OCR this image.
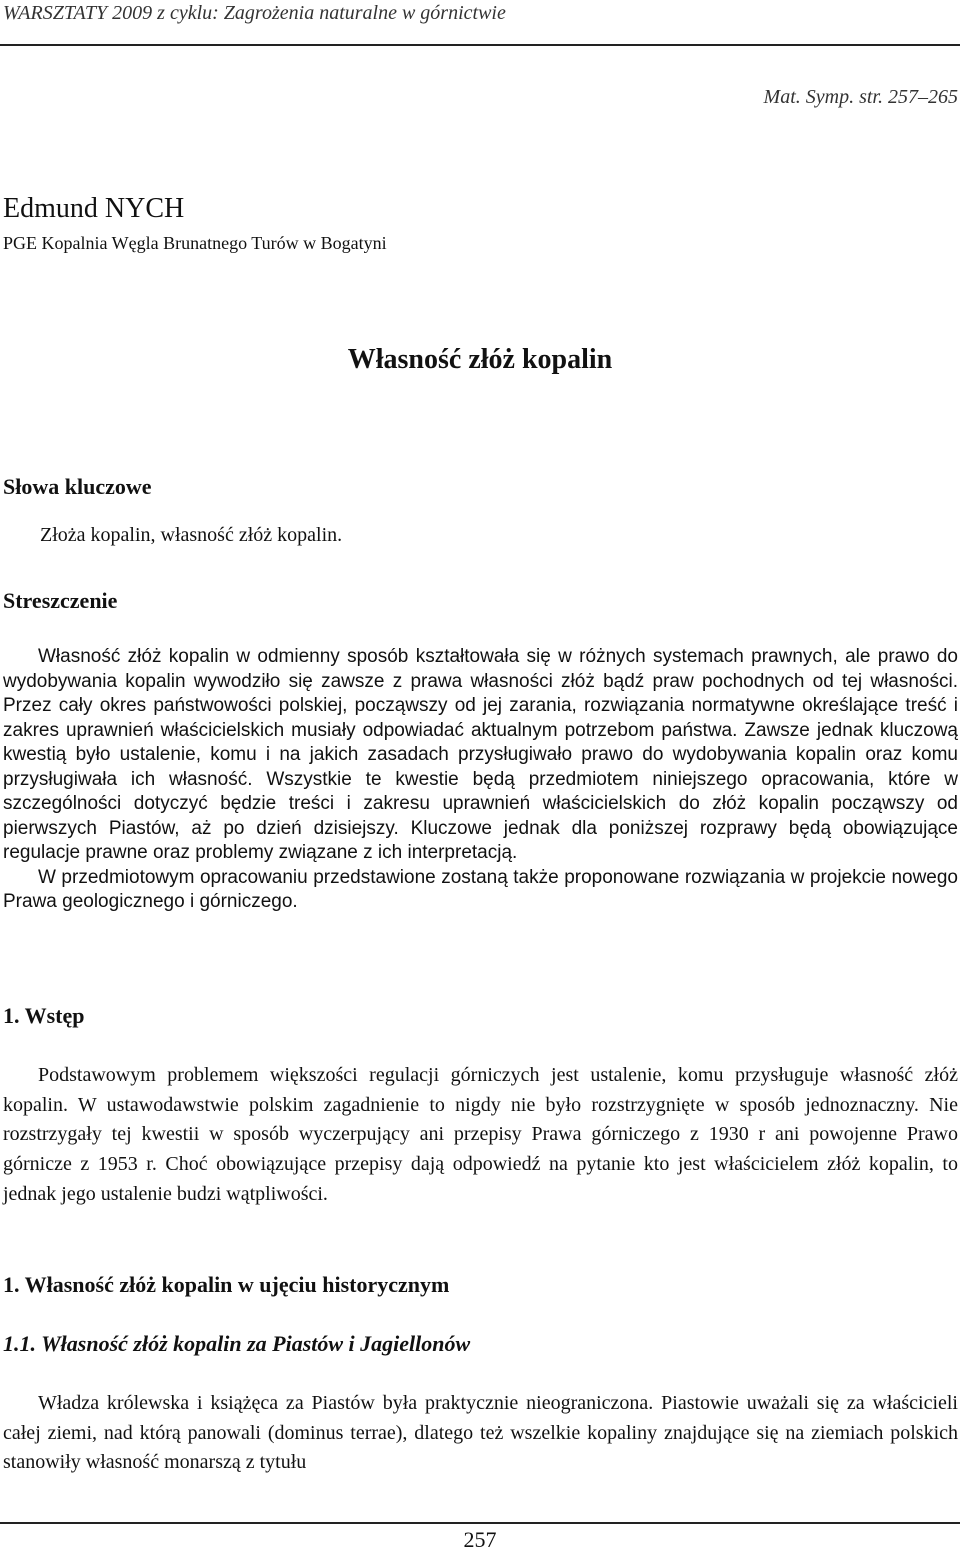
WARSZTATY 2009 z cyklu: Zagrożenia naturalne w górnictwie
Mat. Symp. str. 257–265
Edmund NYCH
PGE Kopalnia Węgla Brunatnego Turów w Bogatyni
Własność złóż kopalin
Słowa kluczowe
Złoża kopalin, własność złóż kopalin.
Streszczenie

Własność złóż kopalin w odmienny sposób kształtowała się w różnych systemach prawnych, ale prawo do wydobywania kopalin wywodziło się zawsze z prawa własności złóż bądź praw pochodnych od tej własności. Przez cały okres państwowości polskiej, począwszy od jej zarania, rozwiązania normatywne określające treść i zakres uprawnień właścicielskich musiały odpowiadać aktualnym potrzebom państwa. Zawsze jednak kluczową kwestią było ustalenie, komu i na jakich zasadach przysługiwało prawo do wydobywania kopalin oraz komu przysługiwała ich własność. Wszystkie te kwestie będą przedmiotem niniejszego opracowania, które w szczególności dotyczyć będzie treści i zakresu uprawnień właścicielskich do złóż kopalin począwszy od pierwszych Piastów, aż po dzień dzisiejszy. Kluczowe jednak dla poniższej rozprawy będą obowiązujące regulacje prawne oraz problemy związane z ich interpretacją.

W przedmiotowym opracowaniu przedstawione zostaną także proponowane rozwiązania w projekcie nowego Prawa geologicznego i górniczego.

1. Wstęp

Podstawowym problemem większości regulacji górniczych jest ustalenie, komu przysługuje własność złóż kopalin. W ustawodawstwie polskim zagadnienie to nigdy nie było rozstrzygnięte w sposób jednoznaczny. Nie rozstrzygały tej kwestii w sposób wyczerpujący ani przepisy Prawa górniczego z 1930 r ani powojenne Prawo górnicze z 1953 r. Choć obowiązujące przepisy dają odpowiedź na pytanie kto jest właścicielem złóż kopalin, to jednak jego ustalenie budzi wątpliwości.

1. Własność złóż kopalin w ujęciu historycznym
1.1. Własność złóż kopalin za Piastów i Jagiellonów

Władza królewska i książęca za Piastów była praktycznie nieograniczona. Piastowie uważali się za właścicieli całej ziemi, nad którą panowali (dominus terrae), dlatego też wszelkie kopaliny znajdujące się na ziemiach polskich stanowiły własność monarszą z tytułu

257
